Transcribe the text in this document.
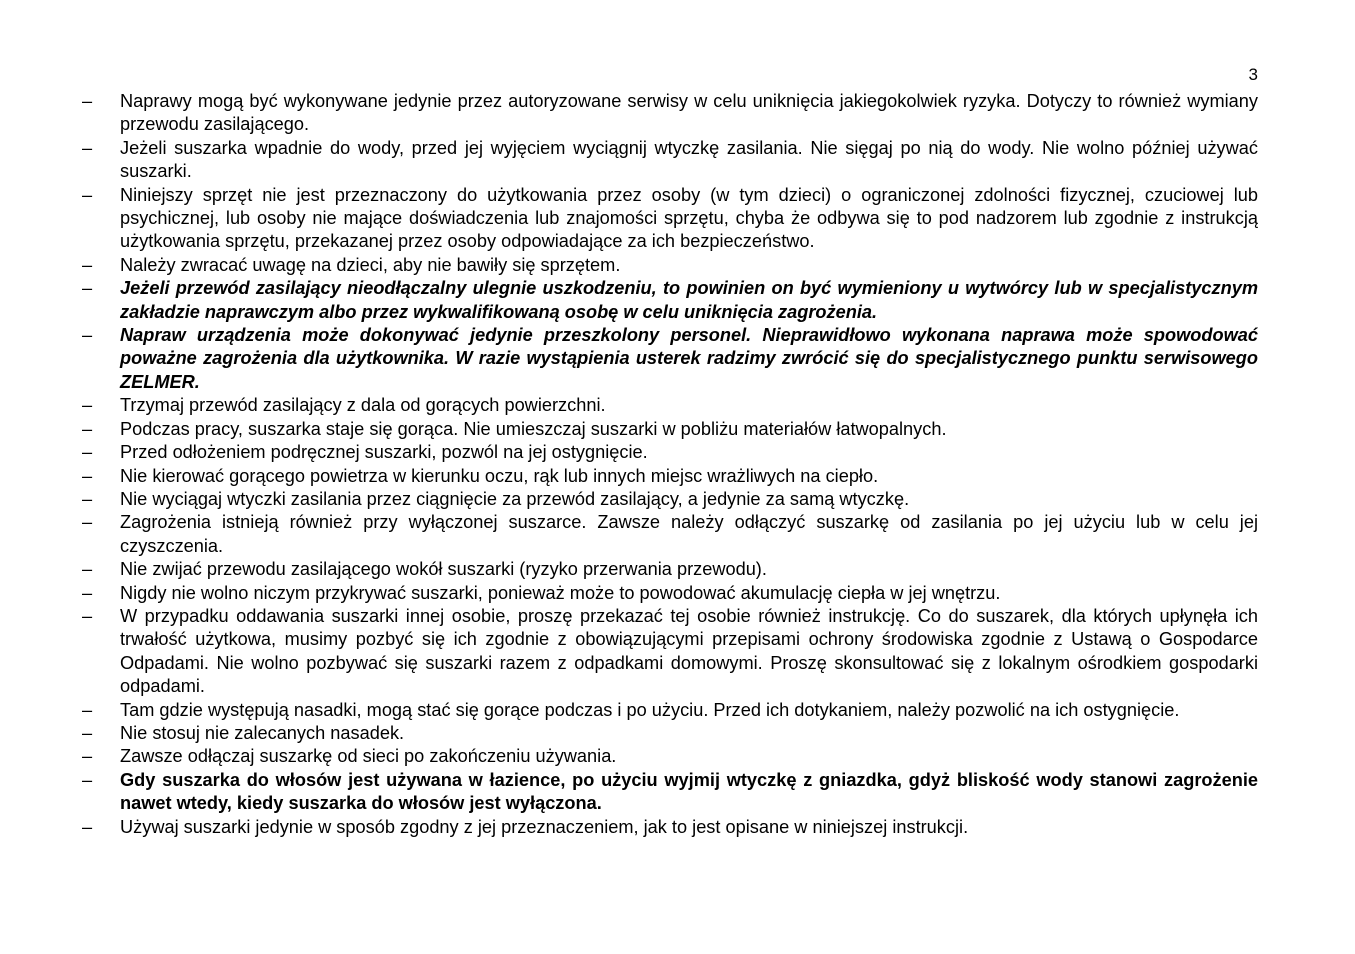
3
–	Naprawy mogą być wykonywane jedynie przez autoryzowane serwisy w celu uniknięcia jakiegokolwiek ryzyka. Dotyczy to również wymiany przewodu zasilającego.
–	Jeżeli suszarka wpadnie do wody, przed jej wyjęciem wyciągnij wtyczkę zasilania. Nie sięgaj po nią do wody. Nie wolno później używać suszarki.
–	Niniejszy sprzęt nie jest przeznaczony do użytkowania przez osoby (w tym dzieci) o ograniczonej zdolności fizycznej, czuciowej lub psychicznej, lub osoby nie mające doświadczenia lub znajomości sprzętu, chyba że odbywa się to pod nadzorem lub zgodnie z instrukcją użytkowania sprzętu, przekazanej przez osoby odpowiadające za ich bezpieczeństwo.
–	Należy zwracać uwagę na dzieci, aby nie bawiły się sprzętem.
–	Jeżeli przewód zasilający nieodłączalny ulegnie uszkodzeniu, to powinien on być wymieniony u wytwórcy lub w specjalistycznym zakładzie naprawczym albo przez wykwalifikowaną osobę w celu uniknięcia zagrożenia.
–	Napraw urządzenia może dokonywać jedynie przeszkolony personel. Nieprawidłowo wykonana naprawa może spowodować poważne zagrożenia dla użytkownika. W razie wystąpienia usterek radzimy zwrócić się do specjalistycznego punktu serwisowego ZELMER.
–	Trzymaj przewód zasilający z dala od gorących powierzchni.
–	Podczas pracy, suszarka staje się gorąca. Nie umieszczaj suszarki w pobliżu materiałów łatwopalnych.
–	Przed odłożeniem podręcznej suszarki, pozwól na jej ostygnięcie.
–	Nie kierować gorącego powietrza w kierunku oczu, rąk lub innych miejsc wrażliwych na ciepło.
–	Nie wyciągaj wtyczki zasilania przez ciągnięcie za przewód zasilający, a jedynie za samą wtyczkę.
–	Zagrożenia istnieją również przy wyłączonej suszarce. Zawsze należy odłączyć suszarkę od zasilania po jej użyciu lub w celu jej czyszczenia.
–	Nie zwijać przewodu zasilającego wokół suszarki (ryzyko przerwania przewodu).
–	Nigdy nie wolno niczym przykrywać suszarki, ponieważ może to powodować akumulację ciepła w jej wnętrzu.
–	W przypadku oddawania suszarki innej osobie, proszę przekazać tej osobie również instrukcję. Co do suszarek, dla których upłynęła ich trwałość użytkowa, musimy pozbyć się ich zgodnie z obowiązującymi przepisami ochrony środowiska zgodnie z Ustawą o Gospodarce Odpadami. Nie wolno pozbywać się suszarki razem z odpadkami domowymi. Proszę skonsultować się z lokalnym ośrodkiem gospodarki odpadami.
–	Tam gdzie występują nasadki, mogą stać się gorące podczas i po użyciu. Przed ich dotykaniem, należy pozwolić na ich ostygnięcie.
–	Nie stosuj nie zalecanych nasadek.
–	Zawsze odłączaj suszarkę od sieci po zakończeniu używania.
–	Gdy suszarka do włosów jest używana w łazience, po użyciu wyjmij wtyczkę z gniazdka, gdyż bliskość wody stanowi zagrożenie nawet wtedy, kiedy suszarka do włosów jest wyłączona.
–	Używaj suszarki jedynie w sposób zgodny z jej przeznaczeniem, jak to jest opisane w niniejszej instrukcji.
